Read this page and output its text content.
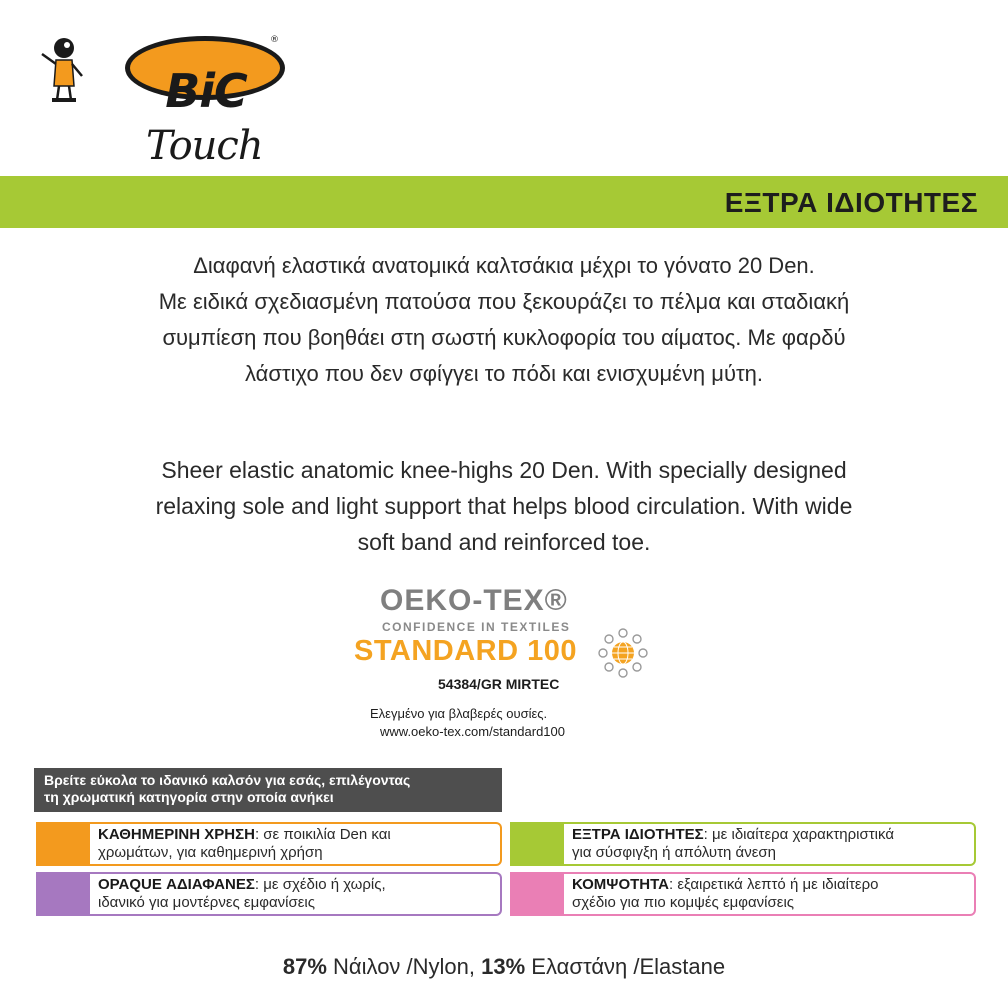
®
BiC
Touch
ΕΞΤΡΑ ΙΔΙΟΤΗΤΕΣ
Διαφανή ελαστικά ανατομικά καλτσάκια μέχρι το γόνατο 20 Den.
Με ειδικά σχεδιασμένη πατούσα που ξεκουράζει το πέλμα και σταδιακή
συμπίεση που βοηθάει στη σωστή κυκλοφορία του αίματος. Με φαρδύ
λάστιχο που δεν σφίγγει το πόδι και ενισχυμένη μύτη.
Sheer elastic anatomic knee-highs 20 Den. With specially designed
relaxing sole and light support that helps blood circulation. With wide
soft band and reinforced toe.
OEKO-TEX®
CONFIDENCE IN TEXTILES
STANDARD 100
54384/GR MIRTEC
Ελεγμένο για βλαβερές ουσίες.
www.oeko-tex.com/standard100
Βρείτε εύκολα το ιδανικό καλσόν για εσάς, επιλέγοντας
τη χρωματική κατηγορία στην οποία ανήκει
ΚΑΘΗΜΕΡΙΝΗ ΧΡΗΣΗ: σε ποικιλία Den και
χρωμάτων, για καθημερινή χρήση
ΕΞΤΡΑ ΙΔΙΟΤΗΤΕΣ: με ιδιαίτερα χαρακτηριστικά
για σύσφιγξη ή απόλυτη άνεση
OPAQUE ΑΔΙΑΦΑΝΕΣ: με σχέδιο ή χωρίς,
ιδανικό για μοντέρνες εμφανίσεις
ΚΟΜΨΟΤΗΤΑ: εξαιρετικά λεπτό ή με ιδιαίτερο
σχέδιο για πιο κομψές εμφανίσεις
87% Νάιλον /Nylon, 13% Ελαστάνη /Elastane
